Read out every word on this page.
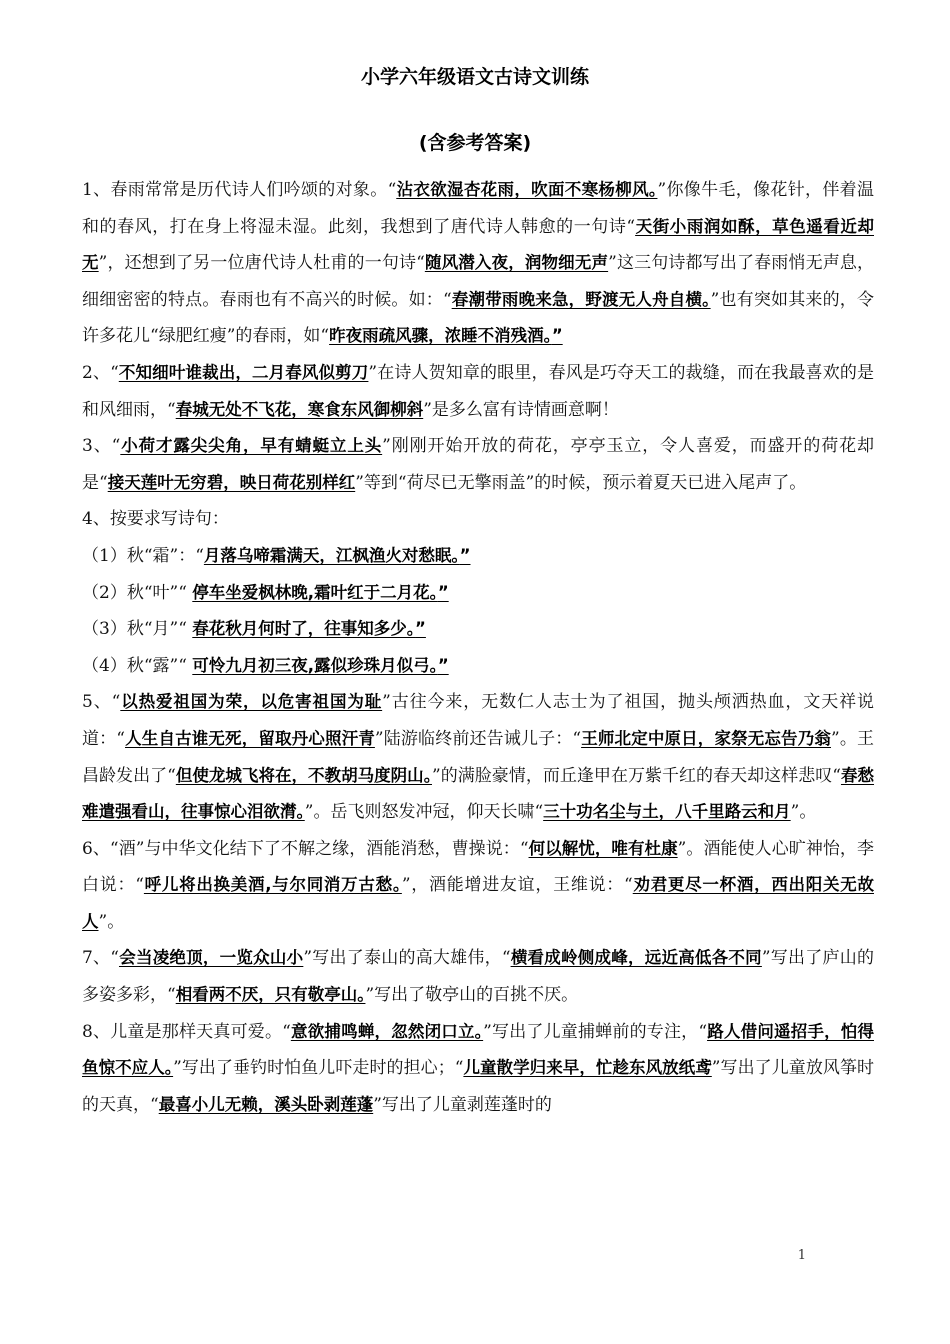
小学六年级语文古诗文训练
(含参考答案)

1、春雨常常是历代诗人们吟颂的对象。“沾衣欲湿杏花雨，吹面不寒杨柳风。”你像牛毛，像花针，伴着温和的春风，打在身上将湿未湿。此刻，我想到了唐代诗人韩愈的一句诗“天街小雨润如酥，草色遥看近却无”，还想到了另一位唐代诗人杜甫的一句诗“随风潜入夜，润物细无声”这三句诗都写出了春雨悄无声息，细细密密的特点。春雨也有不高兴的时候。如：“春潮带雨晚来急，野渡无人舟自横。”也有突如其来的，令许多花儿“绿肥红瘦”的春雨，如“昨夜雨疏风骤，浓睡不消残酒。”

2、“不知细叶谁裁出，二月春风似剪刀”在诗人贺知章的眼里，春风是巧夺天工的裁缝，而在我最喜欢的是和风细雨，“春城无处不飞花，寒食东风御柳斜”是多么富有诗情画意啊！

3、“小荷才露尖尖角，早有蜻蜓立上头”刚刚开始开放的荷花，亭亭玉立，令人喜爱，而盛开的荷花却是“接天莲叶无穷碧，映日荷花别样红”等到“荷尽已无擎雨盖”的时候，预示着夏天已进入尾声了。

4、按要求写诗句：

（1）秋“霜”：“月落乌啼霜满天，江枫渔火对愁眠。”

（2）秋“叶”“ 停车坐爱枫林晚,霜叶红于二月花。”

（3）秋“月”“ 春花秋月何时了，往事知多少。”

（4）秋“露”“ 可怜九月初三夜,露似珍珠月似弓。”

5、“以热爱祖国为荣，以危害祖国为耻”古往今来，无数仁人志士为了祖国，抛头颅洒热血，文天祥说道：“人生自古谁无死，留取丹心照汗青”陆游临终前还告诫儿子：“王师北定中原日，家祭无忘告乃翁”。王昌龄发出了“但使龙城飞将在，不教胡马度阴山。”的满脸豪情，而丘逢甲在万紫千红的春天却这样悲叹“春愁难遣强看山，往事惊心泪欲潸。”。岳飞则怒发冲冠，仰天长啸“三十功名尘与土，八千里路云和月”。

6、“酒”与中华文化结下了不解之缘，酒能消愁，曹操说：“何以解忧，唯有杜康”。酒能使人心旷神怡，李白说：“呼儿将出换美酒,与尔同消万古愁。”，酒能增进友谊，王维说：“劝君更尽一杯酒，西出阳关无故人”。

7、“会当凌绝顶，一览众山小”写出了泰山的高大雄伟，“横看成岭侧成峰，远近高低各不同”写出了庐山的多姿多彩，“相看两不厌，只有敬亭山。”写出了敬亭山的百挑不厌。

8、儿童是那样天真可爱。“意欲捕鸣蝉，忽然闭口立。”写出了儿童捕蝉前的专注，“路人借问遥招手，怕得鱼惊不应人。”写出了垂钓时怕鱼儿吓走时的担心；“儿童散学归来早，忙趁东风放纸鸢”写出了儿童放风筝时的天真，“最喜小儿无赖，溪头卧剥莲蓬”写出了儿童剥莲蓬时的

1
